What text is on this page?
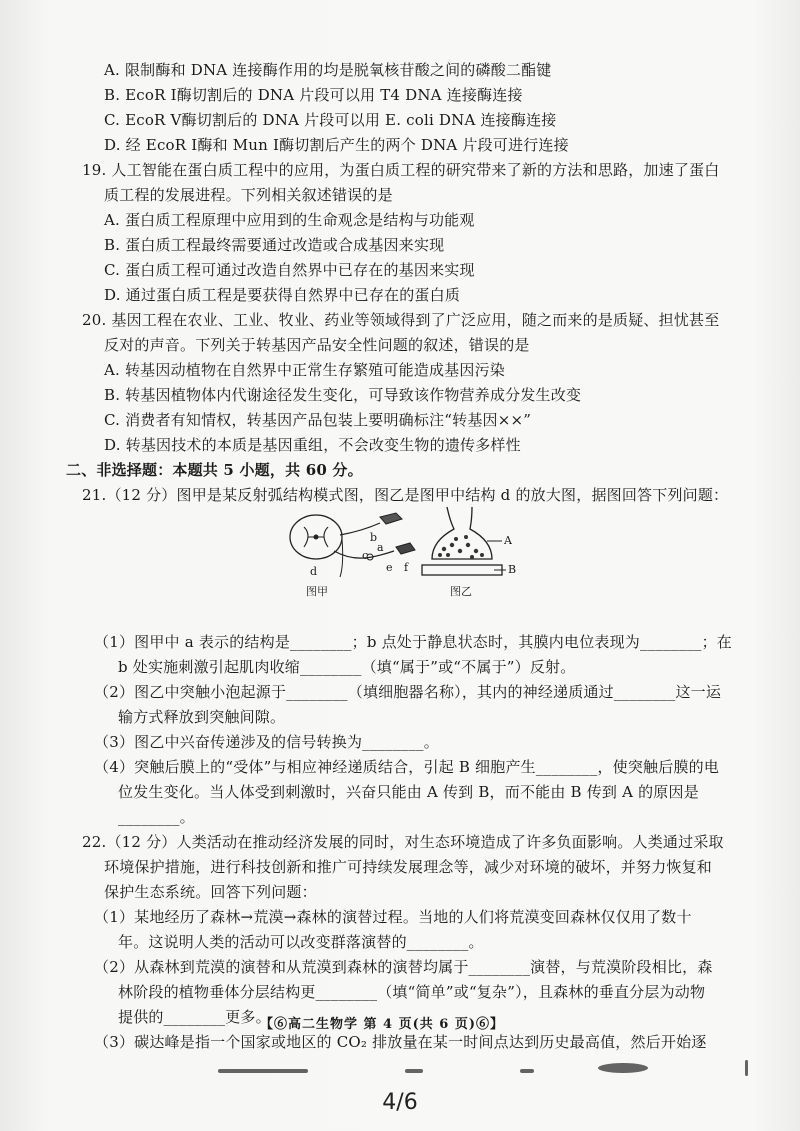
A. 限制酶和 DNA 连接酶作用的均是脱氧核苷酸之间的磷酸二酯键
B. EcoR Ⅰ酶切割后的 DNA 片段可以用 T4 DNA 连接酶连接
C. EcoR Ⅴ酶切割后的 DNA 片段可以用 E. coli DNA 连接酶连接
D. 经 EcoR Ⅰ酶和 Mun Ⅰ酶切割后产生的两个 DNA 片段可进行连接
19. 人工智能在蛋白质工程中的应用，为蛋白质工程的研究带来了新的方法和思路，加速了蛋白
质工程的发展进程。下列相关叙述错误的是
A. 蛋白质工程原理中应用到的生命观念是结构与功能观
B. 蛋白质工程最终需要通过改造或合成基因来实现
C. 蛋白质工程可通过改造自然界中已存在的基因来实现
D. 通过蛋白质工程是要获得自然界中已存在的蛋白质
20. 基因工程在农业、工业、牧业、药业等领域得到了广泛应用，随之而来的是质疑、担忧甚至
反对的声音。下列关于转基因产品安全性问题的叙述，错误的是
A. 转基因动植物在自然界中正常生存繁殖可能造成基因污染
B. 转基因植物体内代谢途径发生变化，可导致该作物营养成分发生改变
C. 消费者有知情权，转基因产品包装上要明确标注“转基因××”
D. 转基因技术的本质是基因重组，不会改变生物的遗传多样性
二、非选择题：本题共 5 小题，共 60 分。
21.（12 分）图甲是某反射弧结构模式图，图乙是图甲中结构 d 的放大图，据图回答下列问题：
（1）图甲中 a 表示的结构是________；b 点处于静息状态时，其膜内电位表现为________；在
b 处实施刺激引起肌肉收缩________（填“属于”或“不属于”）反射。
（2）图乙中突触小泡起源于________（填细胞器名称），其内的神经递质通过________这一运
输方式释放到突触间隙。
（3）图乙中兴奋传递涉及的信号转换为________。
（4）突触后膜上的“受体”与相应神经递质结合，引起 B 细胞产生________，使突触后膜的电
位发生变化。当人体受到刺激时，兴奋只能由 A 传到 B，而不能由 B 传到 A 的原因是
________。
22.（12 分）人类活动在推动经济发展的同时，对生态环境造成了许多负面影响。人类通过采取
环境保护措施，进行科技创新和推广可持续发展理念等，减少对环境的破坏，并努力恢复和
保护生态系统。回答下列问题：
（1）某地经历了森林→荒漠→森林的演替过程。当地的人们将荒漠变回森林仅仅用了数十
年。这说明人类的活动可以改变群落演替的________。
（2）从森林到荒漠的演替和从荒漠到森林的演替均属于________演替，与荒漠阶段相比，森
林阶段的植物垂体分层结构更________（填“简单”或“复杂”），且森林的垂直分层为动物
提供的________更多。
（3）碳达峰是指一个国家或地区的 CO₂ 排放量在某一时间点达到历史最高值，然后开始逐
b
c
a
d	e f
A
B
图甲	图乙
【⑥高二生物学 第 4 页(共 6 页)⑥】
4/6
